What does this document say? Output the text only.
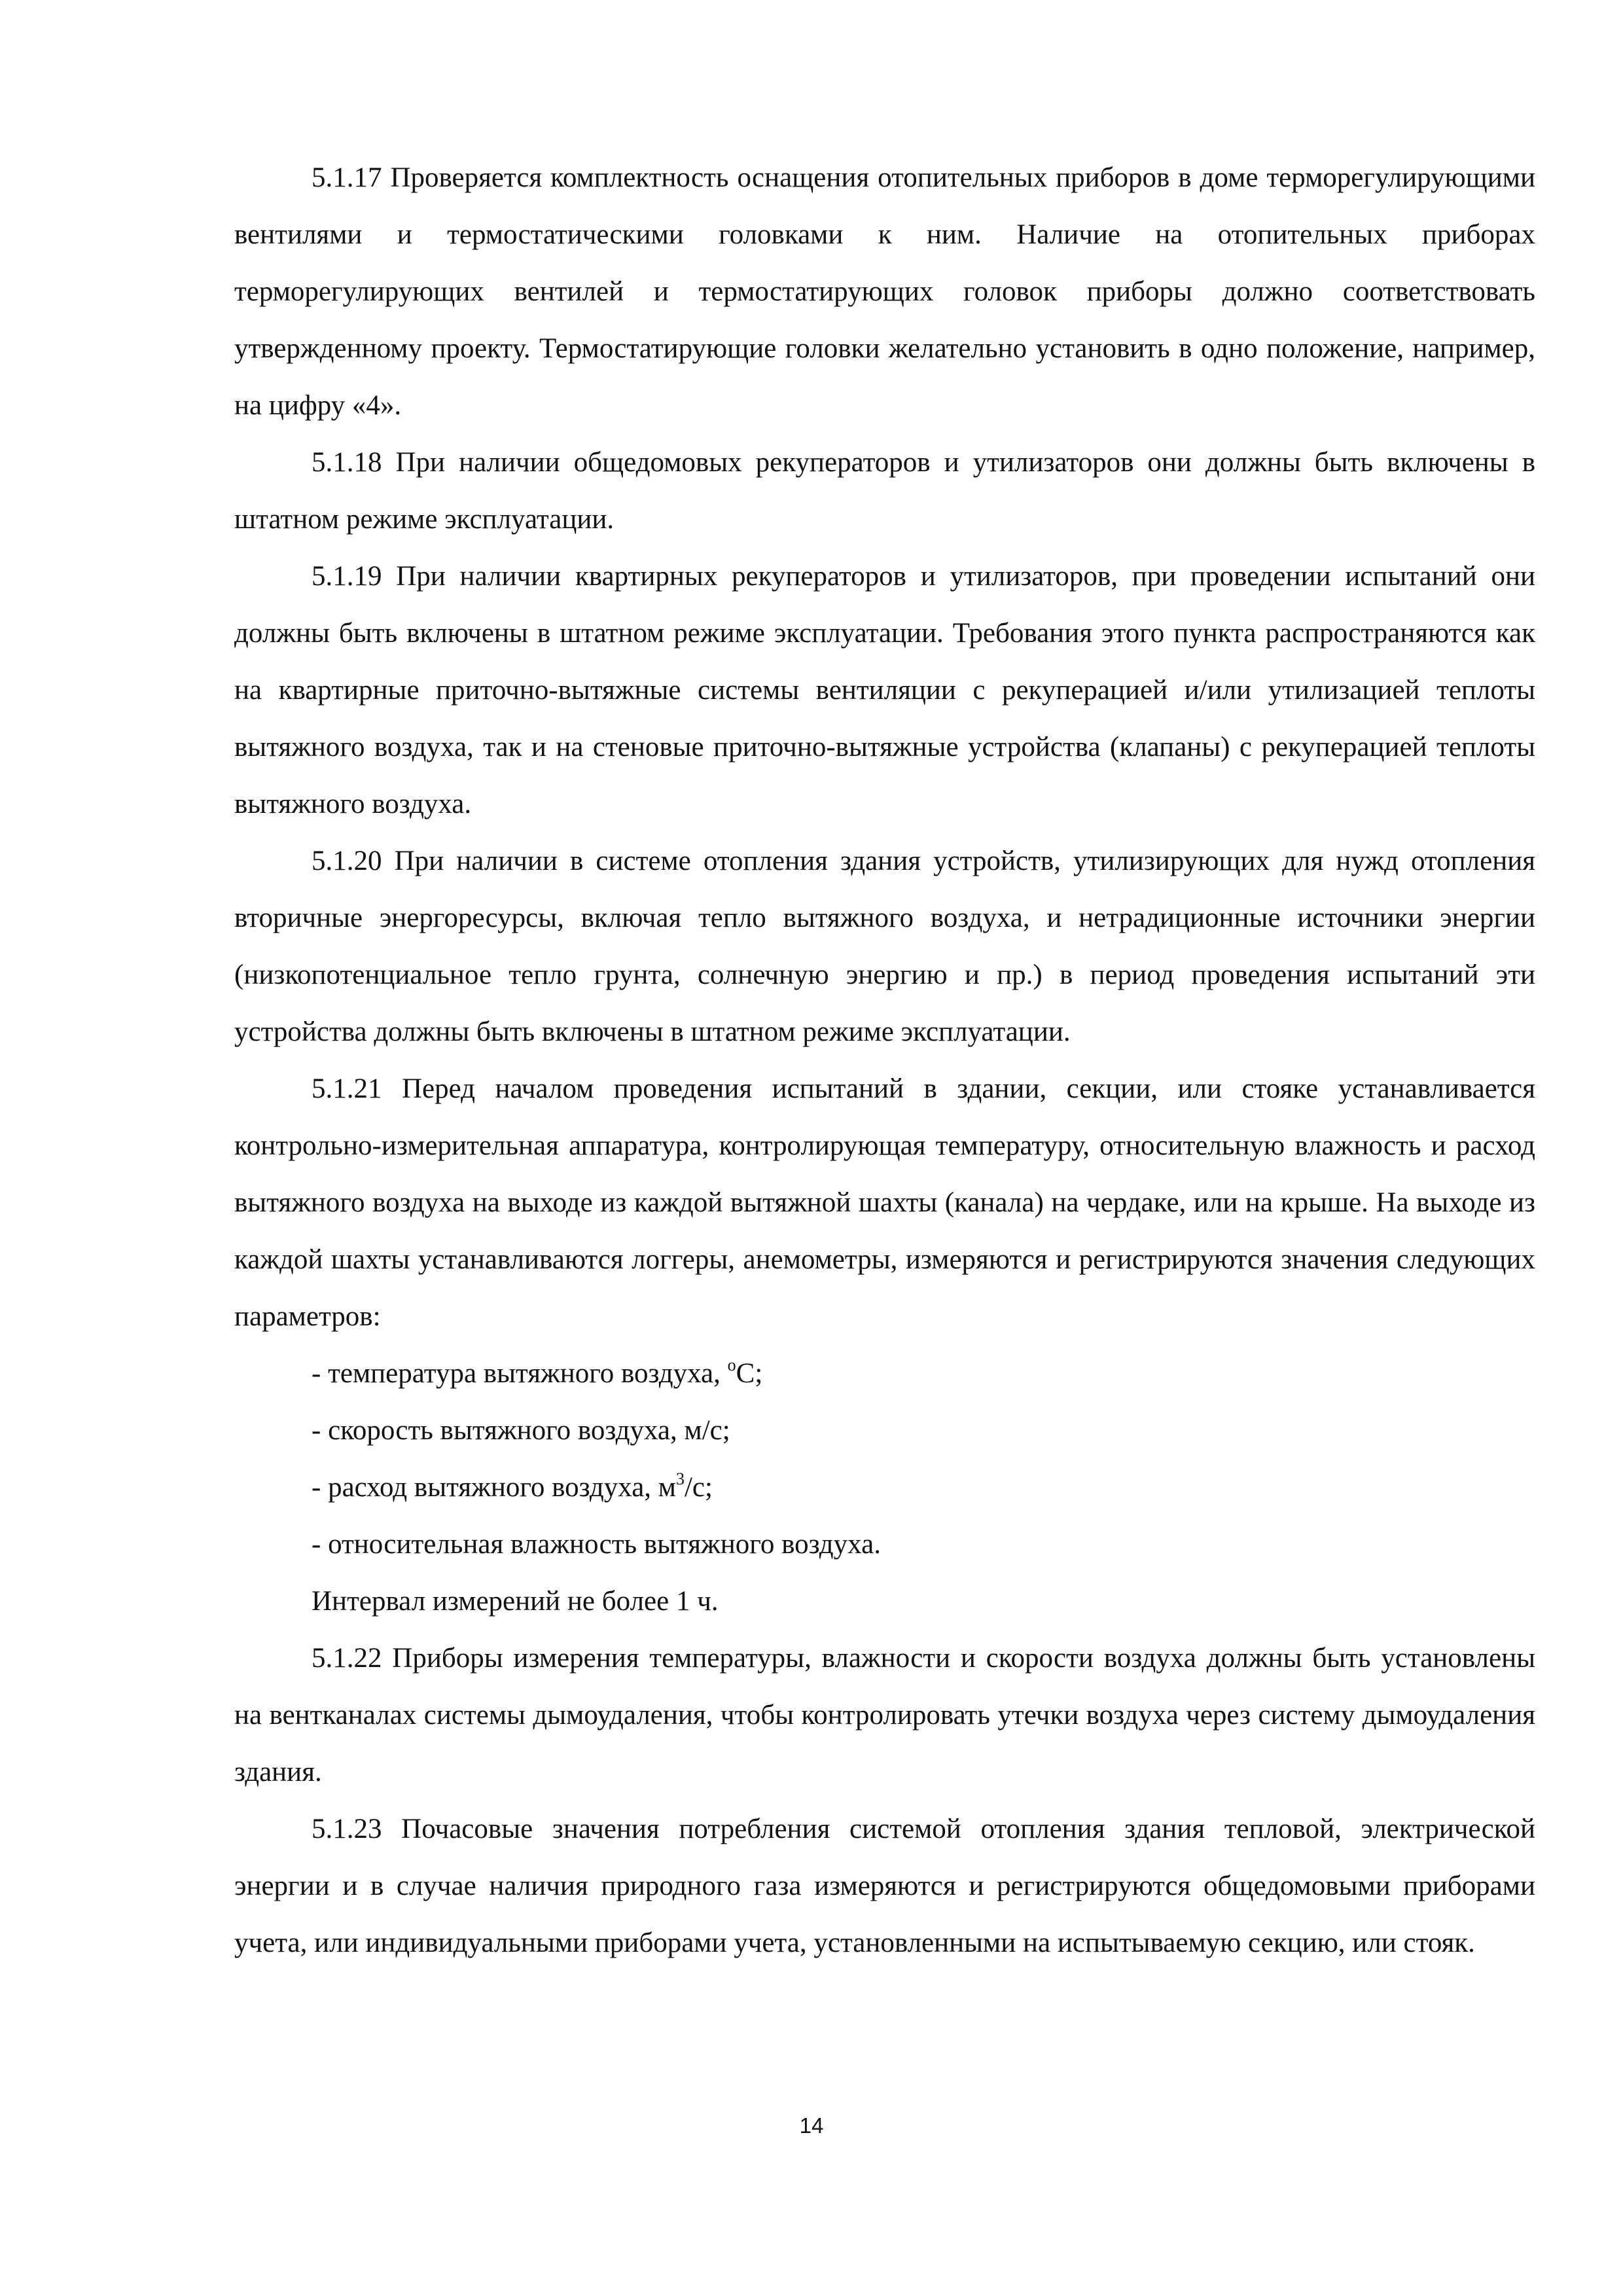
5.1.17 Проверяется комплектность оснащения отопительных приборов в доме терморегулирующими вентилями и термостатическими головками к ним. Наличие на отопительных приборах терморегулирующих вентилей и термостатирующих головок приборы должно соответствовать утвержденному проекту. Термостатирующие головки желательно установить в одно положение, например, на цифру «4».

5.1.18 При наличии общедомовых рекуператоров и утилизаторов они должны быть включены в штатном режиме эксплуатации.

5.1.19 При наличии квартирных рекуператоров и утилизаторов, при проведении испытаний они должны быть включены в штатном режиме эксплуатации. Требования этого пункта распространяются как на квартирные приточно-вытяжные системы вентиляции с рекуперацией и/или утилизацией теплоты вытяжного воздуха, так и на стеновые приточно-вытяжные устройства (клапаны) с рекуперацией теплоты вытяжного воздуха.

5.1.20 При наличии в системе отопления здания устройств, утилизирующих для нужд отопления вторичные энергоресурсы, включая тепло вытяжного воздуха, и нетрадиционные источники энергии (низкопотенциальное тепло грунта, солнечную энергию и пр.) в период проведения испытаний эти устройства должны быть включены в штатном режиме эксплуатации.

5.1.21 Перед началом проведения испытаний в здании, секции, или стояке устанавливается контрольно-измерительная аппаратура, контролирующая температуру, относительную влажность и расход вытяжного воздуха на выходе из каждой вытяжной шахты (канала) на чердаке, или на крыше. На выходе из каждой шахты устанавливаются логгеры, анемометры, измеряются и регистрируются значения следующих параметров:

- температура вытяжного воздуха, $^o$C;

- скорость вытяжного воздуха, м/с;

- расход вытяжного воздуха, $м^3/с$;

- относительная влажность вытяжного воздуха.

Интервал измерений не более 1 ч.

5.1.22 Приборы измерения температуры, влажности и скорости воздуха должны быть установлены на вентканалах системы дымоудаления, чтобы контролировать утечки воздуха через систему дымоудаления здания.

5.1.23 Почасовые значения потребления системой отопления здания тепловой, электрической энергии и в случае наличия природного газа измеряются и регистрируются общедомовыми приборами учета, или индивидуальными приборами учета, установленными на испытываемую секцию, или стояк.

14
